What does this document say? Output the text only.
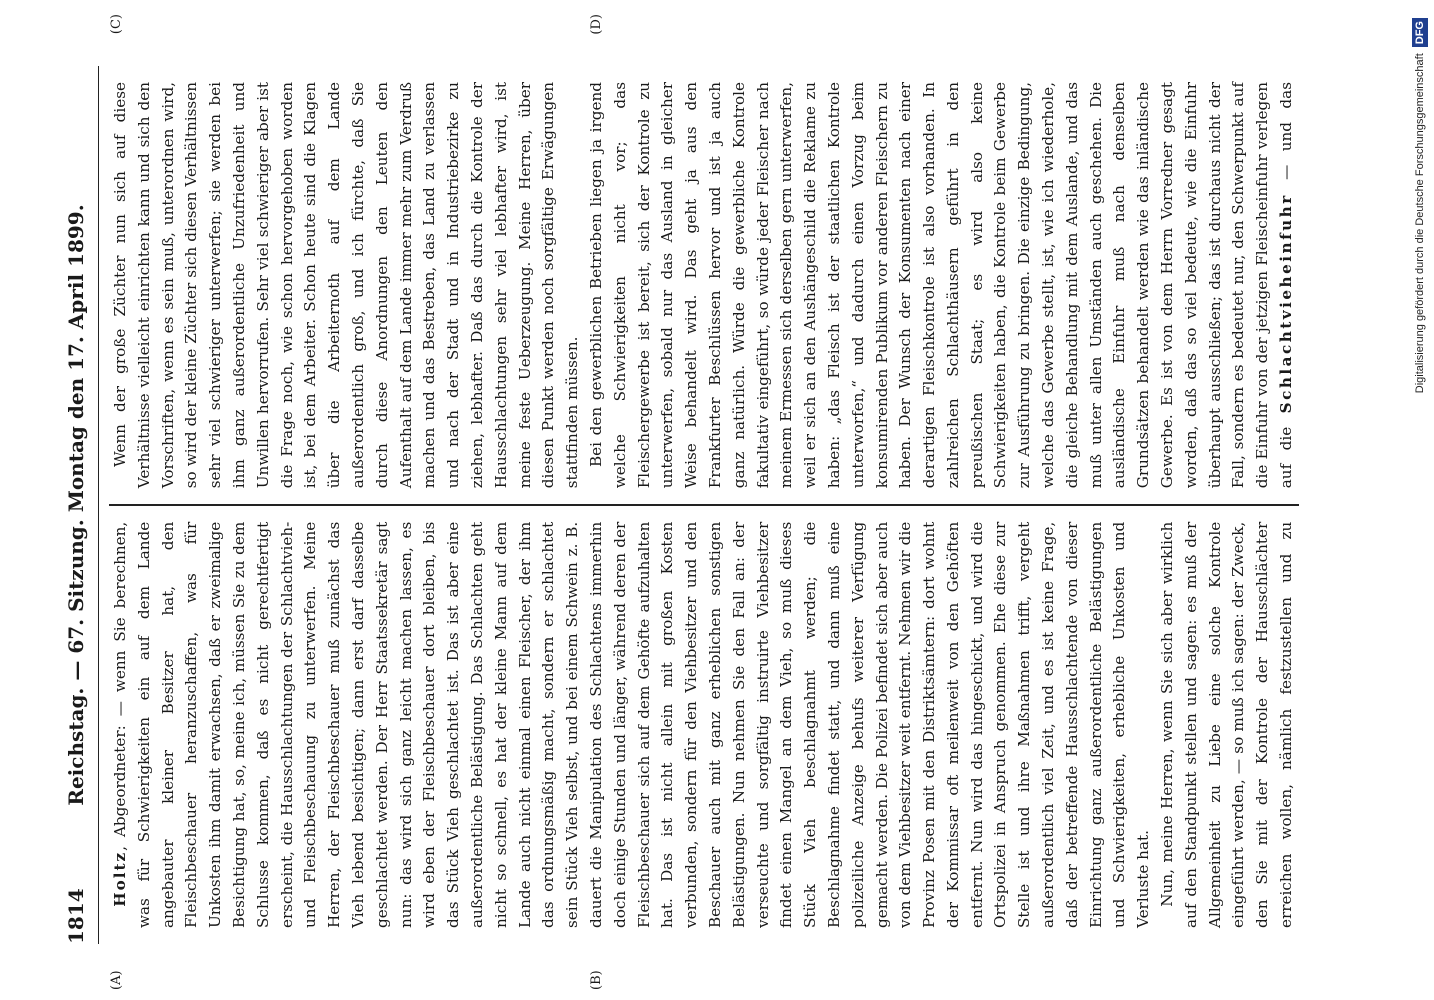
1814
Reichstag. — 67. Sitzung. Montag den 17. April 1899.
(A)	(B)
(C)	(D)

Holtz, Abgeordneter: — wenn Sie berechnen, was für Schwierigkeiten ein auf dem Lande angebauter kleiner Besitzer hat, den Fleischbeschauer heranzuschaffen, was für Unkosten ihm damit erwachsen, daß er zweimalige Besichtigung hat, so, meine ich, müssen Sie zu dem Schlusse kommen, daß es nicht gerechtfertigt erscheint, die Hausschlachtungen der Schlachtvieh- und Fleischbeschauung zu unterwerfen. Meine Herren, der Fleischbeschauer muß zunächst das Vieh lebend besichtigen; dann erst darf dasselbe geschlachtet werden. Der Herr Staatssekretär sagt nun: das wird sich ganz leicht machen lassen, es wird eben der Fleischbeschauer dort bleiben, bis das Stück Vieh geschlachtet ist. Das ist aber eine außerordentliche Belästigung. Das Schlachten geht nicht so schnell, es hat der kleine Mann auf dem Lande auch nicht einmal einen Fleischer, der ihm das ordnungsmäßig macht, sondern er schlachtet sein Stück Vieh selbst, und bei einem Schwein z. B. dauert die Manipulation des Schlachtens immerhin doch einige Stunden und länger, während deren der Fleischbeschauer sich auf dem Gehöfte aufzuhalten hat. Das ist nicht allein mit großen Kosten verbunden, sondern für den Viehbesitzer und den Beschauer auch mit ganz erheblichen sonstigen Belästigungen. Nun nehmen Sie den Fall an: der verseuchte und sorgfältig instruirte Viehbesitzer findet einen Mangel an dem Vieh, so muß dieses Stück Vieh beschlagnahmt werden; die Beschlagnahme findet statt, und dann muß eine polizeiliche Anzeige behufs weiterer Verfügung gemacht werden. Die Polizei befindet sich aber auch von dem Viehbesitzer weit entfernt. Nehmen wir die Provinz Posen mit den Distriktsämtern: dort wohnt der Kommissar oft meilenweit von den Gehöften entfernt. Nun wird das hingeschickt, und wird die Ortspolizei in Anspruch genommen. Ehe diese zur Stelle ist und ihre Maßnahmen trifft, vergeht außerordentlich viel Zeit, und es ist keine Frage, daß der betreffende Hausschlachtende von dieser Einrichtung ganz außerordentliche Belästigungen und Schwierigkeiten, erhebliche Unkosten und Verluste hat. Nun, meine Herren, wenn Sie sich aber wirklich auf den Standpunkt stellen und sagen: es muß der Allgemeinheit zu Liebe eine solche Kontrole eingeführt werden, — so muß ich sagen: der Zweck, den Sie mit der Kontrole der Hausschlächter erreichen wollen, nämlich festzustellen und zu

Wenn der große Züchter nun sich auf diese Verhältnisse vielleicht einrichten kann und sich den Vorschriften, wenn es sein muß, unterordnen wird, so wird der kleine Züchter sich diesen Verhältnissen sehr viel schwieriger unterwerfen; sie werden bei ihm ganz außerordentliche Unzufriedenheit und Unwillen hervorrufen. Sehr viel schwieriger aber ist die Frage noch, wie schon hervorgehoben worden ist, bei dem Arbeiter. Schon heute sind die Klagen über die Arbeiternoth auf dem Lande außerordentlich groß, und ich fürchte, daß Sie durch diese Anordnungen den Leuten den Aufenthalt auf dem Lande immer mehr zum Verdruß machen und das Bestreben, das Land zu verlassen und nach der Stadt und in Industriebezirke zu ziehen, lebhafter. Daß das durch die Kontrole der Hausschlachtungen sehr viel lebhafter wird, ist meine feste Ueberzeugung. Meine Herren, über diesen Punkt werden noch sorgfältige Erwägungen stattfinden müssen. Bei den gewerblichen Betrieben liegen ja irgend welche Schwierigkeiten nicht vor; das Fleischergewerbe ist bereit, sich der Kontrole zu unterwerfen, sobald nur das Ausland in gleicher Weise behandelt wird. Das geht ja aus den Frankfurter Beschlüssen hervor und ist ja auch ganz natürlich. Würde die gewerbliche Kontrole fakultativ eingeführt, so würde jeder Fleischer nach meinem Ermessen sich derselben gern unterwerfen, weil er sich an den Aushängeschild die Reklame zu haben: „das Fleisch ist der staatlichen Kontrole unterworfen,“ und dadurch einen Vorzug beim konsumirenden Publikum vor anderen Fleischern zu haben. Der Wunsch der Konsumenten nach einer derartigen Fleischkontrole ist also vorhanden. In zahlreichen Schlachthäusern geführt in den preußischen Staat; es wird also keine Schwierigkeiten haben, die Kontrole beim Gewerbe zur Ausführung zu bringen. Die einzige Bedingung, welche das Gewerbe stellt, ist, wie ich wiederhole, die gleiche Behandlung mit dem Auslande, und das muß unter allen Umständen auch geschehen. Die ausländische Einfuhr muß nach denselben Grundsätzen behandelt werden wie das inländische Gewerbe. Es ist von dem Herrn Vorredner gesagt worden, daß das so viel bedeute, wie die Einfuhr überhaupt ausschließen; das ist durchaus nicht der Fall, sondern es bedeutet nur, den Schwerpunkt auf die Einfuhr von der jetzigen Fleischeinfuhr verlegen auf die Schlachtvieheinfuhr — und das	Digitalisierung gefördert durch die Deutsche ForschungsgemeinschaftDFG
